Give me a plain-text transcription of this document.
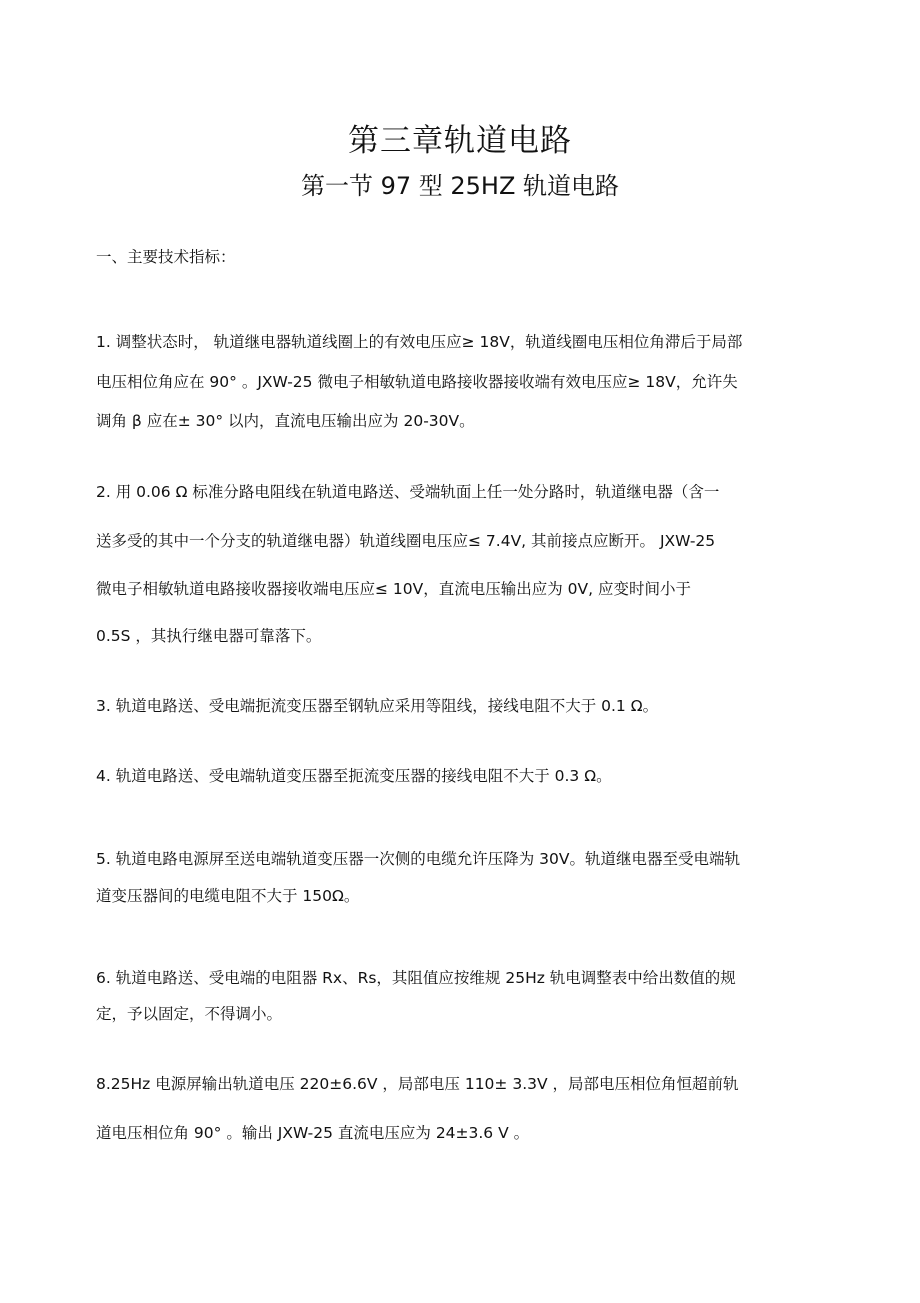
第三章轨道电路
第一节 97 型 25HZ 轨道电路

一、主要技术指标：

1. 调整状态时， 轨道继电器轨道线圈上的有效电压应≥ 18V，轨道线圈电压相位角滞后于局部

电压相位角应在 90° 。JXW-25 微电子相敏轨道电路接收器接收端有效电压应≥ 18V，允许失

调角 β 应在± 30° 以内，直流电压输出应为 20-30V。

2. 用 0.06 Ω 标准分路电阻线在轨道电路送、受端轨面上任一处分路时，轨道继电器（含一

送多受的其中一个分支的轨道继电器）轨道线圈电压应≤ 7.4V, 其前接点应断开。 JXW-25

微电子相敏轨道电路接收器接收端电压应≤ 10V，直流电压输出应为 0V, 应变时间小于

0.5S ，其执行继电器可靠落下。

3. 轨道电路送、受电端扼流变压器至钢轨应采用等阻线，接线电阻不大于 0.1 Ω。

4. 轨道电路送、受电端轨道变压器至扼流变压器的接线电阻不大于 0.3 Ω。

5. 轨道电路电源屏至送电端轨道变压器一次侧的电缆允许压降为 30V。轨道继电器至受电端轨

道变压器间的电缆电阻不大于 150Ω。

6. 轨道电路送、受电端的电阻器 Rx、Rs，其阻值应按维规 25Hz 轨电调整表中给出数值的规

定，予以固定，不得调小。

8.25Hz 电源屏输出轨道电压 220±6.6V ，局部电压 110± 3.3V ，局部电压相位角恒超前轨

道电压相位角 90° 。输出 JXW-25 直流电压应为 24±3.6 V 。
